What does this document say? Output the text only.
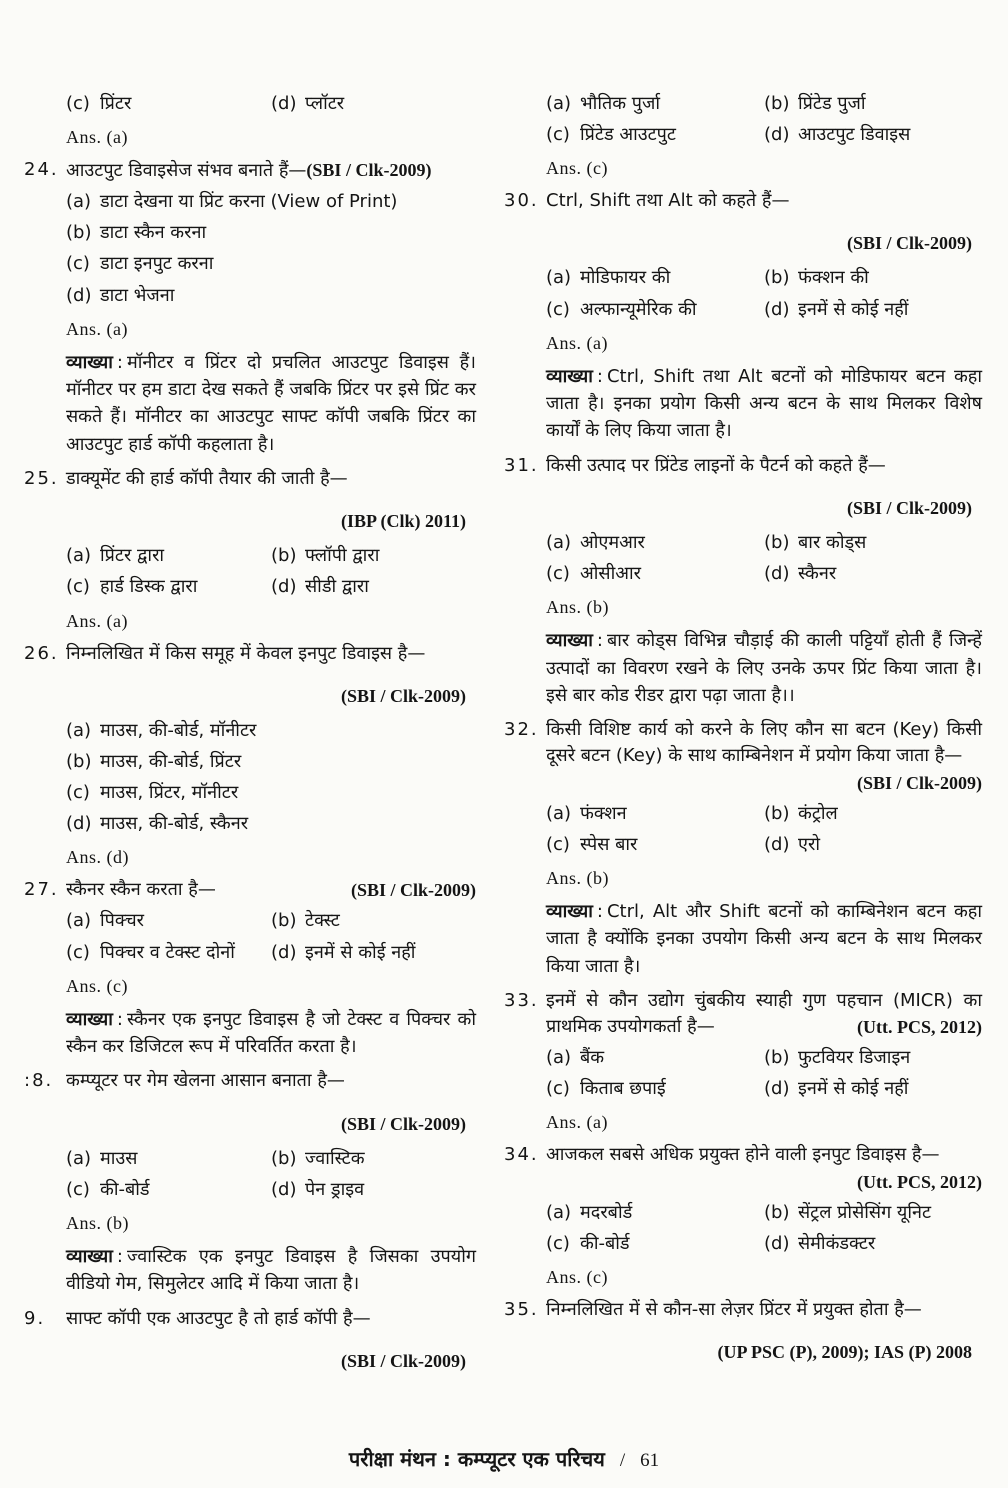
(c) प्रिंटर	(d) प्लॉटर
Ans. (a)
24. आउटपुट डिवाइसेज संभव बनाते हैं—(SBI / Clk-2009)
(a) डाटा देखना या प्रिंट करना (View of Print)
(b) डाटा स्कैन करना
(c) डाटा इनपुट करना
(d) डाटा भेजना
Ans. (a)
व्याख्या : मॉनीटर व प्रिंटर दो प्रचलित आउटपुट डिवाइस हैं। मॉनीटर पर हम डाटा देख सकते हैं जबकि प्रिंटर पर इसे प्रिंट कर सकते हैं। मॉनीटर का आउटपुट साफ्ट कॉपी जबकि प्रिंटर का आउटपुट हार्ड कॉपी कहलाता है।
25. डाक्यूमेंट की हार्ड कॉपी तैयार की जाती है—
(IBP (Clk) 2011)
(a) प्रिंटर द्वारा	(b) फ्लॉपी द्वारा
(c) हार्ड डिस्क द्वारा	(d) सीडी द्वारा
Ans. (a)
26. निम्नलिखित में किस समूह में केवल इनपुट डिवाइस है—
(SBI / Clk-2009)
(a) माउस, की-बोर्ड, मॉनीटर
(b) माउस, की-बोर्ड, प्रिंटर
(c) माउस, प्रिंटर, मॉनीटर
(d) माउस, की-बोर्ड, स्कैनर
Ans. (d)
27. स्कैनर स्कैन करता है—	(SBI / Clk-2009)
(a) पिक्चर	(b) टेक्स्ट
(c) पिक्चर व टेक्स्ट दोनों (d) इनमें से कोई नहीं
Ans. (c)
व्याख्या : स्कैनर एक इनपुट डिवाइस है जो टेक्स्ट व पिक्चर को स्कैन कर डिजिटल रूप में परिवर्तित करता है।
:8. कम्प्यूटर पर गेम खेलना आसान बनाता है—
(SBI / Clk-2009)
(a) माउस	(b) ज्वास्टिक
(c) की-बोर्ड	(d) पेन ड्राइव
Ans. (b)
व्याख्या : ज्वास्टिक एक इनपुट डिवाइस है जिसका उपयोग वीडियो गेम, सिमुलेटर आदि में किया जाता है।
9.	साफ्ट कॉपी एक आउटपुट है तो हार्ड कॉपी है—
(SBI / Clk-2009)
(a) भौतिक पुर्जा	(b) प्रिंटेड पुर्जा
(c) प्रिंटेड आउटपुट	(d) आउटपुट डिवाइस
Ans. (c)
30. Ctrl, Shift तथा Alt को कहते हैं—
(SBI / Clk-2009)
(a) मोडिफायर की	(b) फंक्शन की
(c) अल्फान्यूमेरिक की	(d) इनमें से कोई नहीं
Ans. (a)
व्याख्या : Ctrl, Shift तथा Alt बटनों को मोडिफायर बटन कहा जाता है। इनका प्रयोग किसी अन्य बटन के साथ मिलकर विशेष कार्यों के लिए किया जाता है।
31. किसी उत्पाद पर प्रिंटेड लाइनों के पैटर्न को कहते हैं—
(SBI / Clk-2009)
(a) ओएमआर	(b) बार कोड्स
(c) ओसीआर	(d) स्कैनर
Ans. (b)
व्याख्या : बार कोड्स विभिन्न चौड़ाई की काली पट्टियाँ होती हैं जिन्हें उत्पादों का विवरण रखने के लिए उनके ऊपर प्रिंट किया जाता है। इसे बार कोड रीडर द्वारा पढ़ा जाता है।।
32. किसी विशिष्ट कार्य को करने के लिए कौन सा बटन (Key) किसी दूसरे बटन (Key) के साथ काम्बिनेशन में प्रयोग किया जाता है—
(SBI / Clk-2009)
(a) फंक्शन	(b) कंट्रोल
(c) स्पेस बार	(d) एरो
Ans. (b)
व्याख्या : Ctrl, Alt और Shift बटनों को काम्बिनेशन बटन कहा जाता है क्योंकि इनका उपयोग किसी अन्य बटन के साथ मिलकर किया जाता है।
33. इनमें से कौन उद्योग चुंबकीय स्याही गुण पहचान (MICR) का प्राथमिक उपयोगकर्ता है—	(Utt. PCS, 2012)
(a) बैंक	(b) फुटवियर डिजाइन
(c) किताब छपाई	(d) इनमें से कोई नहीं
Ans. (a)
34. आजकल सबसे अधिक प्रयुक्त होने वाली इनपुट डिवाइस है—
(Utt. PCS, 2012)
(a) मदरबोर्ड	(b) सेंट्रल प्रोसेसिंग यूनिट
(c) की-बोर्ड	(d) सेमीकंडक्टर
Ans. (c)
35. निम्नलिखित में से कौन-सा लेज़र प्रिंटर में प्रयुक्त होता है—
(UP PSC (P), 2009); IAS (P) 2008
परीक्षा मंथन : कम्प्यूटर एक परिचय / 61
